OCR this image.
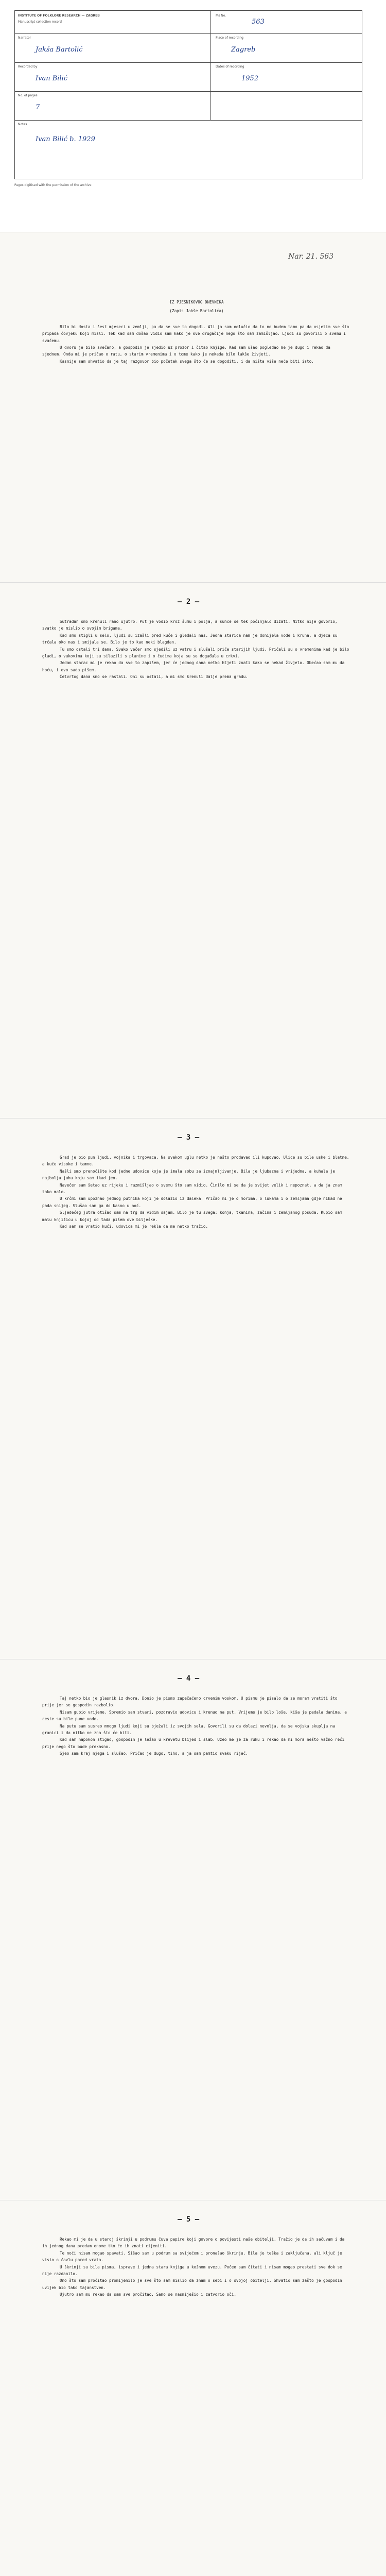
INSTITUTE OF FOLKLORE RESEARCH — ZAGREB
Manuscript collection record
Ms No.
563
Narrator
Jakša Bartolić
Place of recording
Zagreb
Recorded by
Ivan Bilić
Dates of recording
1952
No. of pages
7
Notes
Ivan Bilić b. 1929
Pages digitised with the permission of the archive
Nar. 21. 563

IZ PJESNIKOVOG DNEVNIKA

(Zapis Jakše Bartolića)

Bilo bi dosta i šest mjeseci u zemlji, pa da se sve to dogodi. Ali ja sam odlučio da to ne budem tamo pa da osjetim sve što pripada čovjeku koji misli. Tek kad sam došao vidio sam kako je sve drugačije nego što sam zamišljao. Ljudi su govorili o svemu i svačemu.

U dvoru je bilo svečano, a gospodin je sjedio uz prozor i čitao knjige. Kad sam ušao pogledao me je dugo i rekao da sjednem. Onda mi je pričao o ratu, o starim vremenima i o tome kako je nekada bilo lakše živjeti.

Kasnije sam shvatio da je taj razgovor bio početak svega što će se dogoditi, i da ništa više neće biti isto.

— 2 —

Sutradan smo krenuli rano ujutro. Put je vodio kroz šumu i polja, a sunce se tek počinjalo dizati. Nitko nije govorio, svatko je mislio o svojim brigama.

Kad smo stigli u selo, ljudi su izašli pred kuće i gledali nas. Jedna starica nam je donijela vode i kruha, a djeca su trčala oko nas i smijala se. Bilo je to kao neki blagdan.

Tu smo ostali tri dana. Svako večer smo sjedili uz vatru i slušali priče starijih ljudi. Pričali su o vremenima kad je bilo gladi, o vukovima koji su silazili s planine i o čudima koja su se događala u crkvi.

Jedan starac mi je rekao da sve to zapišem, jer će jednog dana netko htjeti znati kako se nekad živjelo. Obećao sam mu da hoću, i evo sada pišem.

Četvrtog dana smo se rastali. Oni su ostali, a mi smo krenuli dalje prema gradu.

— 3 —

Grad je bio pun ljudi, vojnika i trgovaca. Na svakom uglu netko je nešto prodavao ili kupovao. Ulice su bile uske i blatne, a kuće visoke i tamne.

Našli smo prenoćište kod jedne udovice koja je imala sobu za iznajmljivanje. Bila je ljubazna i vrijedna, a kuhala je najbolju juhu koju sam ikad jeo.

Navečer sam šetao uz rijeku i razmišljao o svemu što sam vidio. Činilo mi se da je svijet velik i nepoznat, a da ja znam tako malo.

U krčmi sam upoznao jednog putnika koji je dolazio iz daleka. Pričao mi je o morima, o lukama i o zemljama gdje nikad ne pada snijeg. Slušao sam ga do kasno u noć.

Sljedećeg jutra otišao sam na trg da vidim sajam. Bilo je tu svega: konja, tkanina, začina i zemljanog posuđa. Kupio sam malu knjižicu u kojoj od tada pišem ove bilješke.

Kad sam se vratio kući, udovica mi je rekla da me netko tražio.

— 4 —

Taj netko bio je glasnik iz dvora. Donio je pismo zapečaćeno crvenim voskom. U pismu je pisalo da se moram vratiti što prije jer se gospodin razbolio.

Nisam gubio vrijeme. Spremio sam stvari, pozdravio udovicu i krenuo na put. Vrijeme je bilo loše, kiša je padala danima, a ceste su bile pune vode.

Na putu sam susreo mnogo ljudi koji su bježali iz svojih sela. Govorili su da dolazi nevolja, da se vojska skuplja na granici i da nitko ne zna što će biti.

Kad sam napokon stigao, gospodin je ležao u krevetu blijed i slab. Uzeo me je za ruku i rekao da mi mora nešto važno reći prije nego što bude prekasno.

Sjeo sam kraj njega i slušao. Pričao je dugo, tiho, a ja sam pamtio svaku riječ.

— 5 —

Rekao mi je da u staroj škrinji u podrumu čuva papire koji govore o povijesti naše obitelji. Tražio je da ih sačuvam i da ih jednog dana predam onome tko će ih znati cijeniti.

Te noći nisam mogao spavati. Sišao sam u podrum sa svijećom i pronašao škrinju. Bila je teška i zaključana, ali ključ je visio o čavlu pored vrata.

U škrinji su bila pisma, isprave i jedna stara knjiga u kožnom uvezu. Počeo sam čitati i nisam mogao prestati sve dok se nije razdanilo.

Ono što sam pročitao promijenilo je sve što sam mislio da znam o sebi i o svojoj obitelji. Shvatio sam zašto je gospodin uvijek bio tako tajanstven.

Ujutro sam mu rekao da sam sve pročitao. Samo se nasmiješio i zatvorio oči.
